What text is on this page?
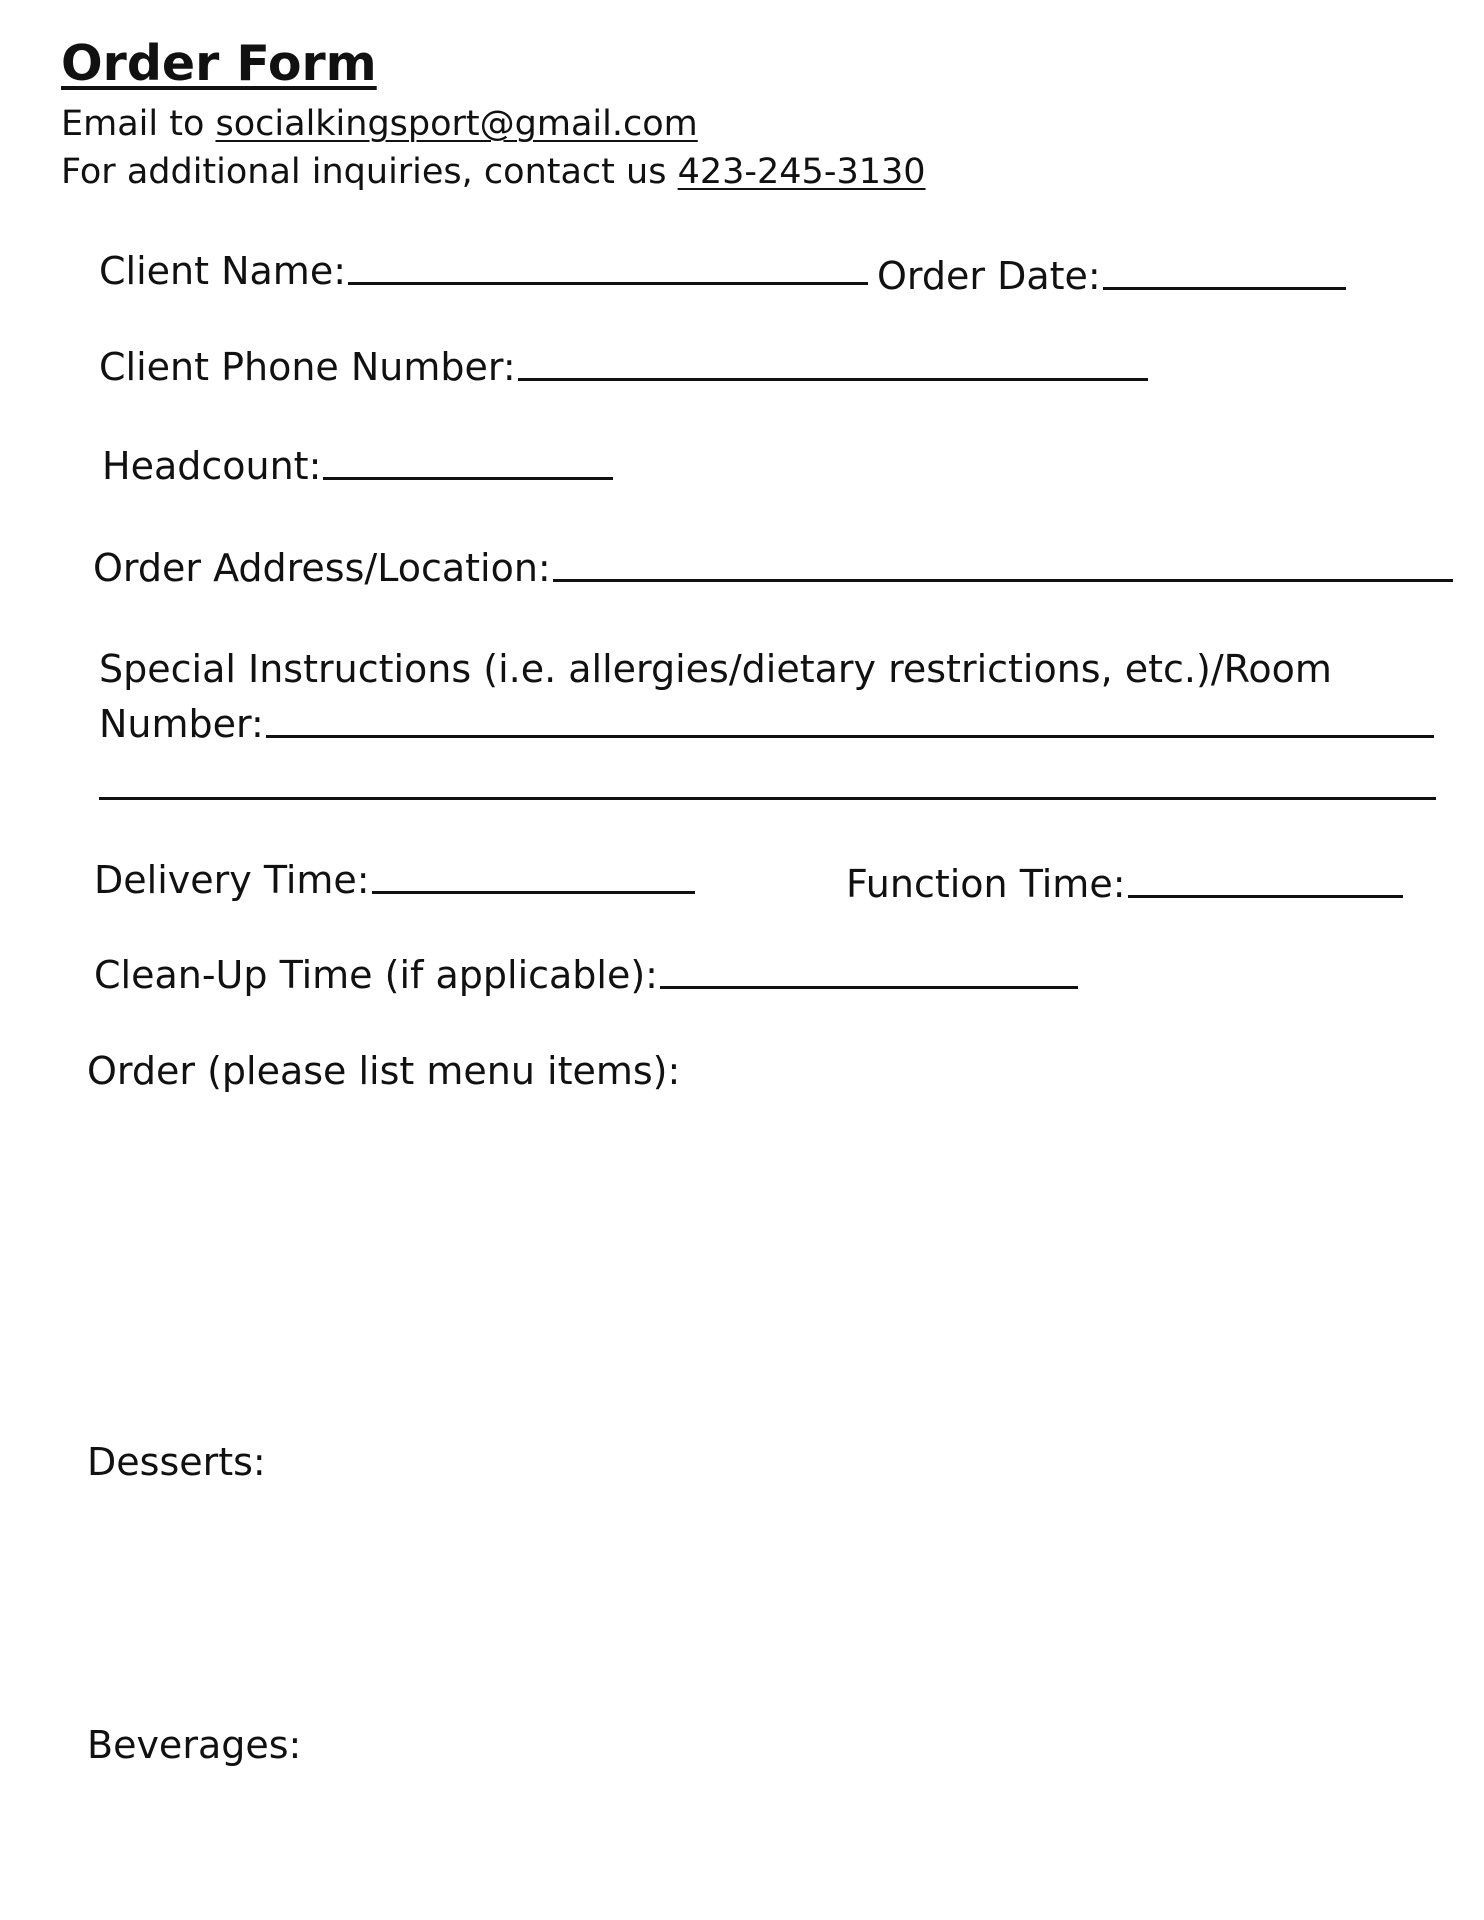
Order Form
Email to socialkingsport@gmail.com
For additional inquiries, contact us 423-245-3130
Client Name:	Order Date:
Client Phone Number:
Headcount:
Order Address/Location:
Special Instructions (i.e. allergies/dietary restrictions, etc.)/Room
Number:
Delivery Time:	Function Time:
Clean-Up Time (if applicable):
Order (please list menu items):
Desserts:
Beverages:
